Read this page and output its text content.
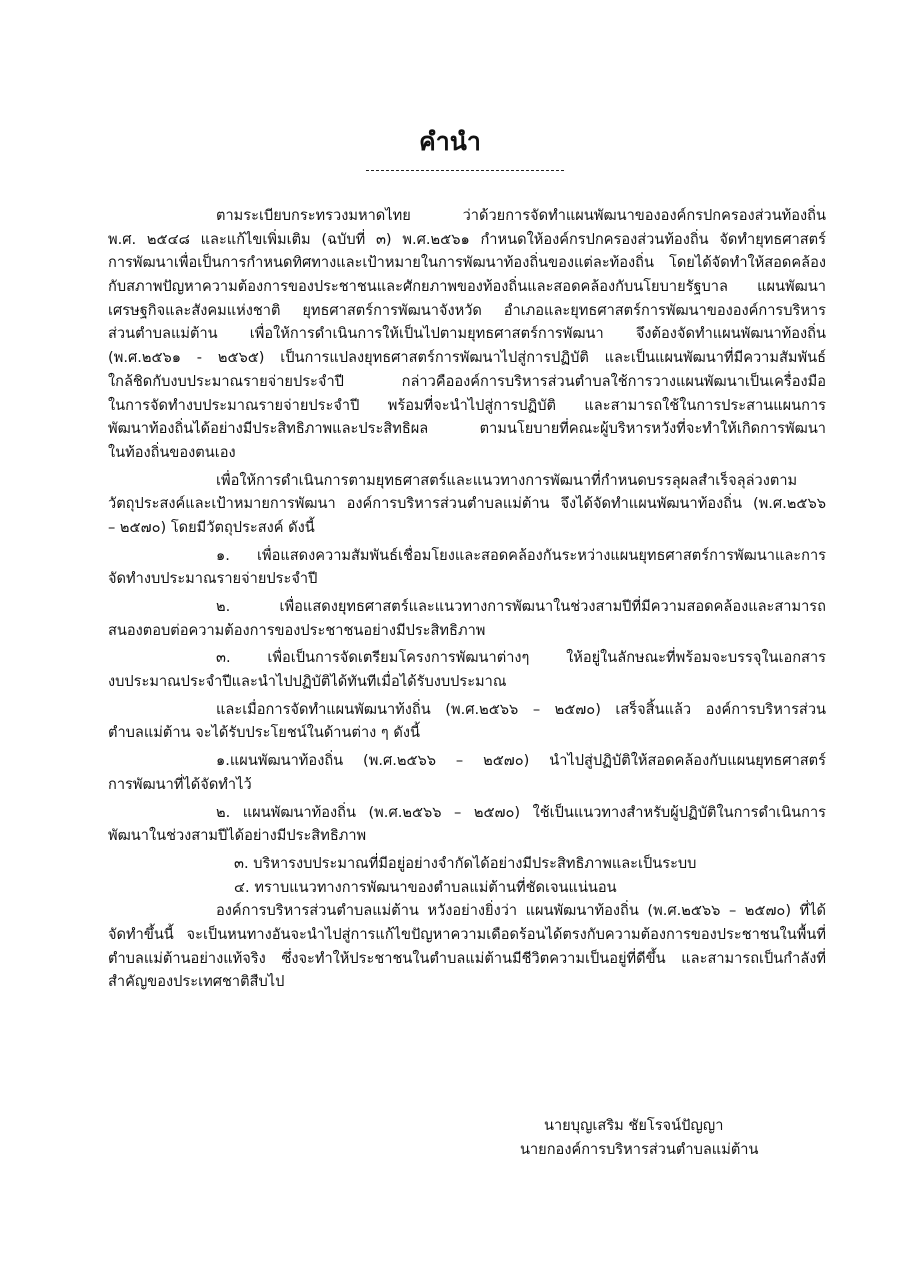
คำนำ
ตามระเบียบกระทรวงมหาดไทย ว่าด้วยการจัดทำแผนพัฒนาขององค์กรปกครองส่วนท้องถิ่น
พ.ศ. ๒๕๔๘ และแก้ไขเพิ่มเติม (ฉบับที่ ๓) พ.ศ.๒๕๖๑ กำหนดให้องค์กรปกครองส่วนท้องถิ่น จัดทำยุทธศาสตร์
การพัฒนาเพื่อเป็นการกำหนดทิศทางและเป้าหมายในการพัฒนาท้องถิ่นของแต่ละท้องถิ่น โดยได้จัดทำให้สอดคล้อง
กับสภาพปัญหาความต้องการของประชาชนและศักยภาพของท้องถิ่นและสอดคล้องกับนโยบายรัฐบาล แผนพัฒนา
เศรษฐกิจและสังคมแห่งชาติ ยุทธศาสตร์การพัฒนาจังหวัด อำเภอและยุทธศาสตร์การพัฒนาขององค์การบริหาร
ส่วนตำบลแม่ต้าน เพื่อให้การดำเนินการให้เป็นไปตามยุทธศาสตร์การพัฒนา จึงต้องจัดทำแผนพัฒนาท้องถิ่น
(พ.ศ.๒๕๖๑ - ๒๕๖๕) เป็นการแปลงยุทธศาสตร์การพัฒนาไปสู่การปฏิบัติ และเป็นแผนพัฒนาที่มีความสัมพันธ์
ใกล้ชิดกับงบประมาณรายจ่ายประจำปี กล่าวคือองค์การบริหารส่วนตำบลใช้การวางแผนพัฒนาเป็นเครื่องมือ
ในการจัดทำงบประมาณรายจ่ายประจำปี พร้อมที่จะนำไปสู่การปฏิบัติ และสามารถใช้ในการประสานแผนการ
พัฒนาท้องถิ่นได้อย่างมีประสิทธิภาพและประสิทธิผล ตามนโยบายที่คณะผู้บริหารหวังที่จะทำให้เกิดการพัฒนา
ในท้องถิ่นของตนเอง
เพื่อให้การดำเนินการตามยุทธศาสตร์และแนวทางการพัฒนาที่กำหนดบรรลุผลสำเร็จลุล่วงตาม
วัตถุประสงค์และเป้าหมายการพัฒนา องค์การบริหารส่วนตำบลแม่ต้าน จึงได้จัดทำแผนพัฒนาท้องถิ่น (พ.ศ.๒๕๖๖
– ๒๕๗๐) โดยมีวัตถุประสงค์ ดังนี้
๑. เพื่อแสดงความสัมพันธ์เชื่อมโยงและสอดคล้องกันระหว่างแผนยุทธศาสตร์การพัฒนาและการ
จัดทำงบประมาณรายจ่ายประจำปี
๒. เพื่อแสดงยุทธศาสตร์และแนวทางการพัฒนาในช่วงสามปีที่มีความสอดคล้องและสามารถ
สนองตอบต่อความต้องการของประชาชนอย่างมีประสิทธิภาพ
๓. เพื่อเป็นการจัดเตรียมโครงการพัฒนาต่างๆ ให้อยู่ในลักษณะที่พร้อมจะบรรจุในเอกสาร
งบประมาณประจำปีและนำไปปฏิบัติได้ทันทีเมื่อได้รับงบประมาณ
และเมื่อการจัดทำแผนพัฒนาท้งถิ่น (พ.ศ.๒๕๖๖ – ๒๕๗๐) เสร็จสิ้นแล้ว องค์การบริหารส่วน
ตำบลแม่ต้าน จะได้รับประโยชน์ในด้านต่าง ๆ ดังนี้
๑.แผนพัฒนาท้องถิ่น (พ.ศ.๒๕๖๖ – ๒๕๗๐) นำไปสู่ปฏิบัติให้สอดคล้องกับแผนยุทธศาสตร์
การพัฒนาที่ได้จัดทำไว้
๒. แผนพัฒนาท้องถิ่น (พ.ศ.๒๕๖๖ – ๒๕๗๐) ใช้เป็นแนวทางสำหรับผู้ปฏิบัติในการดำเนินการ
พัฒนาในช่วงสามปีได้อย่างมีประสิทธิภาพ
๓. บริหารงบประมาณที่มีอยู่อย่างจำกัดได้อย่างมีประสิทธิภาพและเป็นระบบ
๔. ทราบแนวทางการพัฒนาของตำบลแม่ต้านที่ชัดเจนแน่นอน
องค์การบริหารส่วนตำบลแม่ต้าน หวังอย่างยิ่งว่า แผนพัฒนาท้องถิ่น (พ.ศ.๒๕๖๖ – ๒๕๗๐) ที่ได้
จัดทำขึ้นนี้ จะเป็นหนทางอันจะนำไปสู่การแก้ไขปัญหาความเดือดร้อนได้ตรงกับความต้องการของประชาชนในพื้นที่
ตำบลแม่ต้านอย่างแท้จริง ซึ่งจะทำให้ประชาชนในตำบลแม่ต้านมีชีวิตความเป็นอยู่ที่ดีขึ้น และสามารถเป็นกำลังที่
สำคัญของประเทศชาติสืบไป
นายบุญเสริม ชัยโรจน์ปัญญา
นายกองค์การบริหารส่วนตำบลแม่ต้าน
